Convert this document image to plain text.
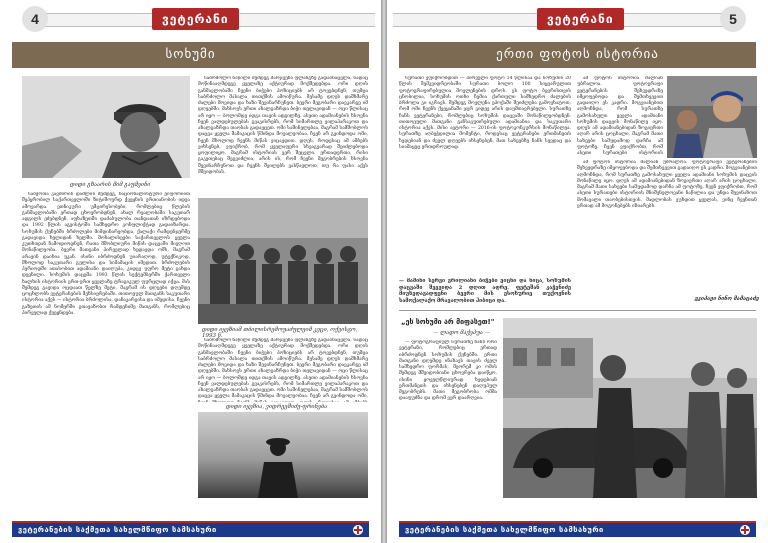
4	ვეტერანი
სოხუმი
დიდი გზაარის მიმ გაუმეინი

საბჭოთა კავშირის დაშლის შემდეგ, ნაციონალისტური ეიფორიით შეპყრობილ საქართველოში ზიტიშოურდ ქვეყნის ერთიანობის იდეა ამოვარდა. ეთნიკური უმცირესობები, რომლებიც წლების განმავლობაში ერთად ცხოვრობდნენ, ახალ რეალობაში საკუთარ ადგილს ეძებდნენ. აფხაზეთში დაძაბულობა თანდათან იზრდებოდა და 1992 წლის აგვისტოში სამხედრო კონფლიქტად გადაიზარდა. სოხუმის ქუჩებში ბრძოლები მიმდინარეობდა, ქალაქი რამდენჯერმე გადავიდა ხელიდან ხელში. მოხალისეები საქართველოს ყველა კუთხიდან ჩამოდიოდნენ, რათა მშობლიური მიწის დაცვაში მიეღოთ მონაწილეობა. ბევრი მათგანი პირველად ხედავდა ომს, მაგრამ არავინ დაიხია უკან. ისინი იბრძოდნენ უიარაღოდ, უტექნიკოდ, მხოლოდ საკუთარი გულისა და სიმამაცის იმედით. ბრძოლების პერიოდში ათასობით ადამიანი დაიღუპა, კიდევ უფრო მეტი გახდა დევნილი. სოხუმის დაცემა 1993 წლის სექტემბერში ქართველი ხალხის ისტორიის ერთ-ერთ ყველაზე ტრაგიკულ ფურცლად იქცა. მას შემდეგ გავიდა ოცდაათ წელზე მეტი, მაგრამ ის დღეები დღემდე ცოცხლობს ვეტერანების მეხსიერებაში. თითოეულ მათგანს საკუთარი ისტორია აქვს — ისტორია ბრძოლისა, დანაკარგისა და იმედისა. ჩვენი გაზეთის ამ ნომერში გთავაზობთ რამდენიმე მათგანს, რომლებიც პირველად ქვეყნდება.

საბრძოლო ნაწილი შემდეგ მარჯვენა ფლანგზე გადაინაცვლა, სადაც მოწინააღმდეგე ყველაზე აქტიურად მოქმედებდა. ორი დღის განმავლობაში ჩვენი ბიჭები პოზიციებს არ ტოვებდნენ, თუმცა საბრძოლო მასალა თითქმის ამოიწურა. მესამე დღეს დამხმარე ძალები მოვიდა და ხაზი შევინარჩუნეთ. ბევრი მეგობარი დავკარგე იმ დღეებში. მახსოვს ერთი ახალგაზრდა ბიჭი თელავიდან — ოცი წლისაც არ იყო — ბოლომდე იდგა თავის ადგილზე. ასეთი ადამიანების ხსოვნა ჩვენ ვალდებულებას გვაკისრებს, რომ სიმართლე ვილაპარაკოთ და ახალგაზრდა თაობას გადავცეთ. ომი საშინელებაა, მაგრამ სამშობლოს დაცვა ყველა მამაკაცის წმინდა მოვალეობაა. ჩვენ არ გვინდოდა ომი, ჩვენ მხოლოდ ჩვენს მიწას ვიცავდით. დღეს, როდესაც ამ ამბებს ვიხსენებ, ვფიქრობ, რომ ყველაფერი სხვაგვარად შეიძლებოდა ყოფილიყო, მაგრამ ისტორიას ვერ შეცვლი. ერთადერთი, რისი გაკეთებაც შეგვიძლია, არის ის, რომ ჩვენი მეგობრების ხსოვნა შევინარჩუნოთ და ჩვენს შვილებს ვასწავლოთ, თუ რა ფასი აქვს მშვიდობას.

დიდი იყეზიამ თბილისრემოუაძულეიმ კეცი, ოქვისგო, 1993 წ.

საბრძოლო ნაწილი შემდეგ მარჯვენა ფლანგზე გადაინაცვლა, სადაც მოწინააღმდეგე ყველაზე აქტიურად მოქმედებდა. ორი დღის განმავლობაში ჩვენი ბიჭები პოზიციებს არ ტოვებდნენ, თუმცა საბრძოლო მასალა თითქმის ამოიწურა. მესამე დღეს დამხმარე ძალები მოვიდა და ხაზი შევინარჩუნეთ. ბევრი მეგობარი დავკარგე იმ დღეებში. მახსოვს ერთი ახალგაზრდა ბიჭი თელავიდან — ოცი წლისაც არ იყო — ბოლომდე იდგა თავის ადგილზე. ასეთი ადამიანების ხსოვნა ჩვენ ვალდებულებას გვაკისრებს, რომ სიმართლე ვილაპარაკოთ და ახალგაზრდა თაობას გადავცეთ. ომი საშინელებაა, მაგრამ სამშობლოს დაცვა ყველა მამაკაცის წმინდა მოვალეობაა. ჩვენ არ გვინდოდა ომი,

დიდი იყეზია, ვიდრეეშიძე-ფრინება
ვეტერანების საქმეთა სახელმწიფო სამსახური
ვეტერანი	5
ერთი ფოტოს ისტორია

სურათი ვფიქრობდით — პირველი ფოტო 14 წლისაა და სოხუმის 20 წლის მემკვიდრეობაში სურათი ბოლო 100 სიყვარულით ფოტოგრაფირებულია მოვლენების დროს. ეს ფოტო ბევრისთვის ცნობილია, სოხუმის ოთხი ჩემია ქართული სამხედრო ძალების ბრძოლა კი იკრავს. შემდეგ მოვლენა ეპოქაში შეიძლება გამოვხატოთ, რომ ომი ჩვენს ქვეყანაში ჯერ კიდევ არის დაუმთავრებელი. სურათზე ჩანს ვეტერანები, რომლებიც სოხუმის დაცვაში მონაწილეობდნენ. თითოეული მათგანი განსაკუთრებული ადამიანია და საკუთარი ისტორია აქვს. მისი ავტორი — 2016-ის ფოტოკონკურსის მონაწილეა. სურათზე აღბეჭდილია მომენტი, როდესაც ვეტერანები ერთმანეთს ხვდებიან და ძველ დღეებს იხსენებენ. მათ სახეებზე ჩანს სევდაც და სიამაყეც ერთდროულად.

ამ ფოტოს ისტორია ძალიან უბრალოა. ფოტოგრაფი ვეტერანების შეხვედრაზე იმყოფებოდა და შემთხვევით გადაიღო ეს კადრი. მოგვიანებით აღმოჩნდა, რომ სურათზე გამოსახული ყველა ადამიანი სოხუმის დაცვის მონაწილე იყო. დღეს ამ ადამიანებიდან ზოგიერთი აღარ არის ცოცხალი, მაგრამ მათი სახეები სამუდამოდ დარჩა ამ ფოტოზე. ჩვენ ვფიქრობთ, რომ ასეთი სურათები ისტორიის

ამ ფოტოს ისტორია ძალიან უბრალოა. ფოტოგრაფი ვეტერანების შეხვედრაზე იმყოფებოდა და შემთხვევით გადაიღო ეს კადრი. მოგვიანებით აღმოჩნდა, რომ სურათზე გამოსახული ყველა ადამიანი სოხუმის დაცვის მონაწილე იყო. დღეს ამ ადამიანებიდან ზოგიერთი აღარ არის ცოცხალი, მაგრამ მათი სახეები სამუდამოდ დარჩა ამ ფოტოზე. ჩვენ ვფიქრობთ, რომ ასეთი სურათები ისტორიის მნიშვნელოვანი ნაწილია და უნდა შევინახოთ მომავალი თაობებისთვის. მადლობას ვუხდით ყველას, ვინც ჩვენთან ერთად ამ მოგონებებს იზიარებს.

ეკიპაჟი ნინო მამაცაძე
— მაშინი სერვი ვრილიანი ბიჭები ეიცნი და ნიცა, სოხუმის დაცვაში შევვიდა 2 დღით ადრე. ფეტეშან კაჭენიძე მიუხედავადფენი ბევრი მის ესოხურიე თუქოვნის სამოქალაქო მრავალობით ჰიბიცი და.
„ეს სოხუმი არ მიფასეთ!"
— ლადო მაქეპუა —

— ფოტოგრაფიულ სურათზე ჩანს ორი ვეტერანი, რომლებიც ერთად იბრძოდნენ სოხუმის ქუჩებში. ერთი მათგანი დღემდე ინახავს თავის ძველ სამხედრო ფორმას, მეორემ კი ომის შემდეგ მშვიდობიანი ცხოვრება დაიწყო. ისინი ყოველწლიურად ხვდებიან ერთმანეთს და იხსენებენ დაღუპულ მეგობრებს. მათი მეგობრობა ომმა დააფუძნა და დრომ ვერ დაარღვია.

ვეტერანების საქმეთა სახელმწიფო სამსახური
